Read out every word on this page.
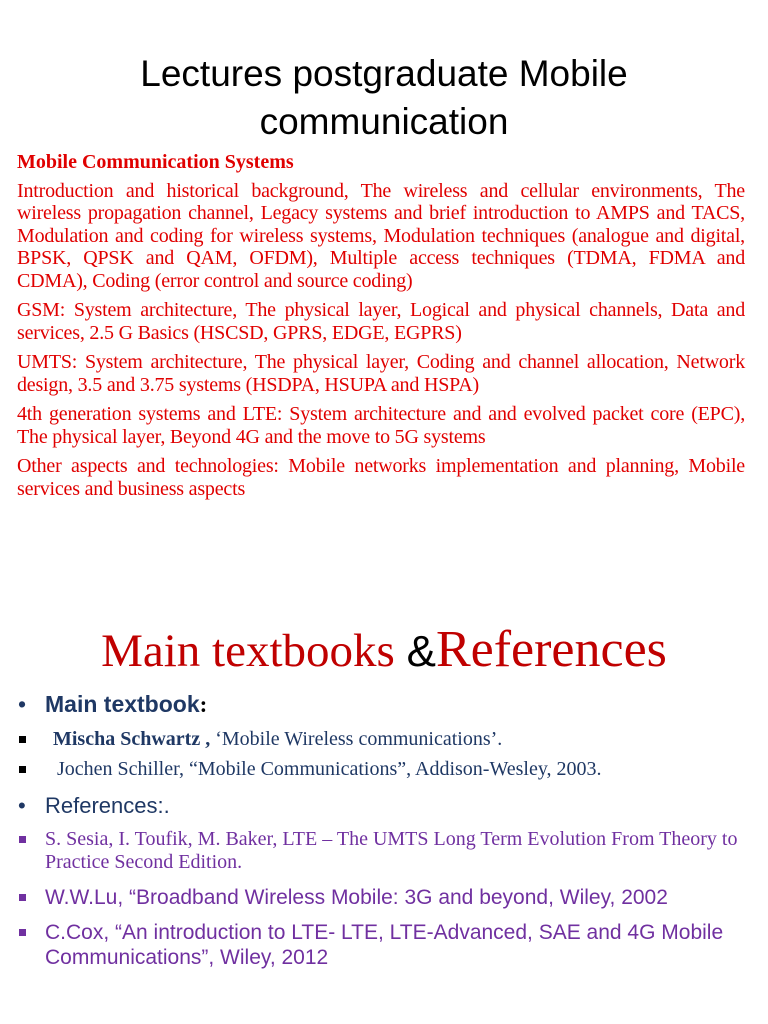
Lectures postgraduate Mobile communication
Mobile Communication Systems

Introduction and historical background, The wireless and cellular environments, The wireless propagation channel, Legacy systems and brief introduction to AMPS and TACS, Modulation and coding for wireless systems, Modulation techniques (analogue and digital, BPSK, QPSK and QAM, OFDM), Multiple access techniques (TDMA, FDMA and CDMA), Coding (error control and source coding)

GSM: System architecture, The physical layer, Logical and physical channels, Data and services, 2.5 G Basics (HSCSD, GPRS, EDGE, EGPRS)

UMTS: System architecture, The physical layer, Coding and channel allocation, Network design, 3.5 and 3.75 systems (HSDPA, HSUPA and HSPA)

4th generation systems and LTE: System architecture and and evolved packet core (EPC), The physical layer, Beyond 4G and the move to 5G systems

Other aspects and technologies: Mobile networks implementation and planning, Mobile services and business aspects

Main textbooks &References
• Main textbook:
Mischa Schwartz , ‘Mobile Wireless communications’.
Jochen Schiller, “Mobile Communications”, Addison-Wesley, 2003.
• References:.
S. Sesia, I. Toufik, M. Baker, LTE – The UMTS Long Term Evolution From Theory to Practice Second Edition.
W.W.Lu, “Broadband Wireless Mobile: 3G and beyond, Wiley, 2002
C.Cox, “An introduction to LTE- LTE, LTE-Advanced, SAE and 4G Mobile Communications”, Wiley, 2012
